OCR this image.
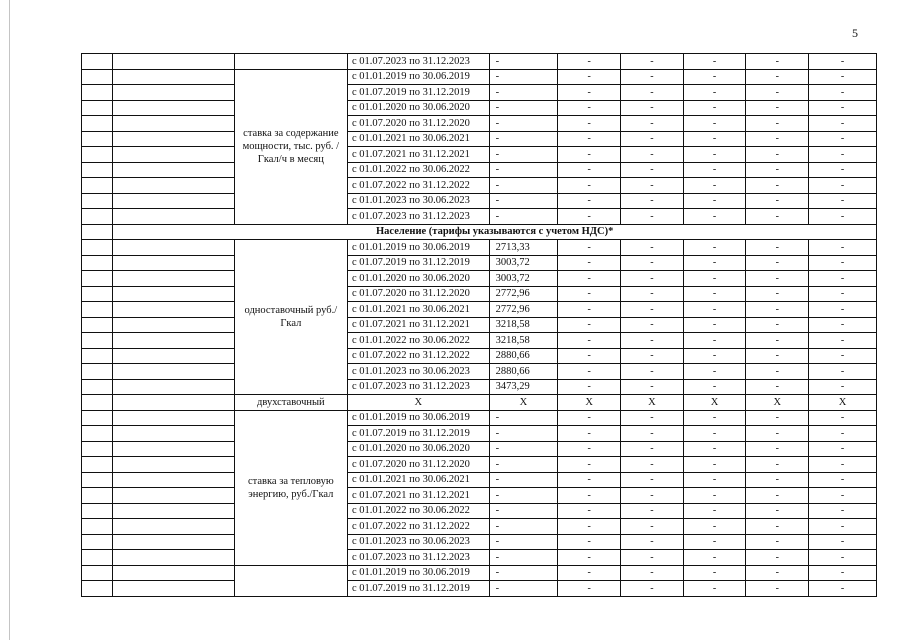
5
			с 01.07.2023 по 31.12.2023	-	-	-	-	-	-
		ставка за содержание мощности, тыс. руб. /Гкал/ч в месяц	с 01.01.2019 по 30.06.2019	-	-	-	-	-	-
			с 01.07.2019 по 31.12.2019	-	-	-	-	-	-
			с 01.01.2020 по 30.06.2020	-	-	-	-	-	-
			с 01.07.2020 по 31.12.2020	-	-	-	-	-	-
			с 01.01.2021 по 30.06.2021	-	-	-	-	-	-
			с 01.07.2021 по 31.12.2021	-	-	-	-	-	-
			с 01.01.2022 по 30.06.2022	-	-	-	-	-	-
			с 01.07.2022 по 31.12.2022	-	-	-	-	-	-
			с 01.01.2023 по 30.06.2023	-	-	-	-	-	-
			с 01.07.2023 по 31.12.2023	-	-	-	-	-	-
	Население (тарифы указываются с учетом НДС)*								
		одноставочный руб./Гкал	с 01.01.2019 по 30.06.2019	2713,33	-	-	-	-	-
			с 01.07.2019 по 31.12.2019	3003,72	-	-	-	-	-
			с 01.01.2020 по 30.06.2020	3003,72	-	-	-	-	-
			с 01.07.2020 по 31.12.2020	2772,96	-	-	-	-	-
			с 01.01.2021 по 30.06.2021	2772,96	-	-	-	-	-
			с 01.07.2021 по 31.12.2021	3218,58	-	-	-	-	-
			с 01.01.2022 по 30.06.2022	3218,58	-	-	-	-	-
			с 01.07.2022 по 31.12.2022	2880,66	-	-	-	-	-
			с 01.01.2023 по 30.06.2023	2880,66	-	-	-	-	-
			с 01.07.2023 по 31.12.2023	3473,29	-	-	-	-	-
		двухставочный	X	X	X	X	X	X	X
		ставка за тепловую энергию, руб./Гкал	с 01.01.2019 по 30.06.2019	-	-	-	-	-	-
			с 01.07.2019 по 31.12.2019	-	-	-	-	-	-
			с 01.01.2020 по 30.06.2020	-	-	-	-	-	-
			с 01.07.2020 по 31.12.2020	-	-	-	-	-	-
			с 01.01.2021 по 30.06.2021	-	-	-	-	-	-
			с 01.07.2021 по 31.12.2021	-	-	-	-	-	-
			с 01.01.2022 по 30.06.2022	-	-	-	-	-	-
			с 01.07.2022 по 31.12.2022	-	-	-	-	-	-
			с 01.01.2023 по 30.06.2023	-	-	-	-	-	-
			с 01.07.2023 по 31.12.2023	-	-	-	-	-	-
			с 01.01.2019 по 30.06.2019	-	-	-	-	-	-
			с 01.07.2019 по 31.12.2019	-	-	-	-	-	-
